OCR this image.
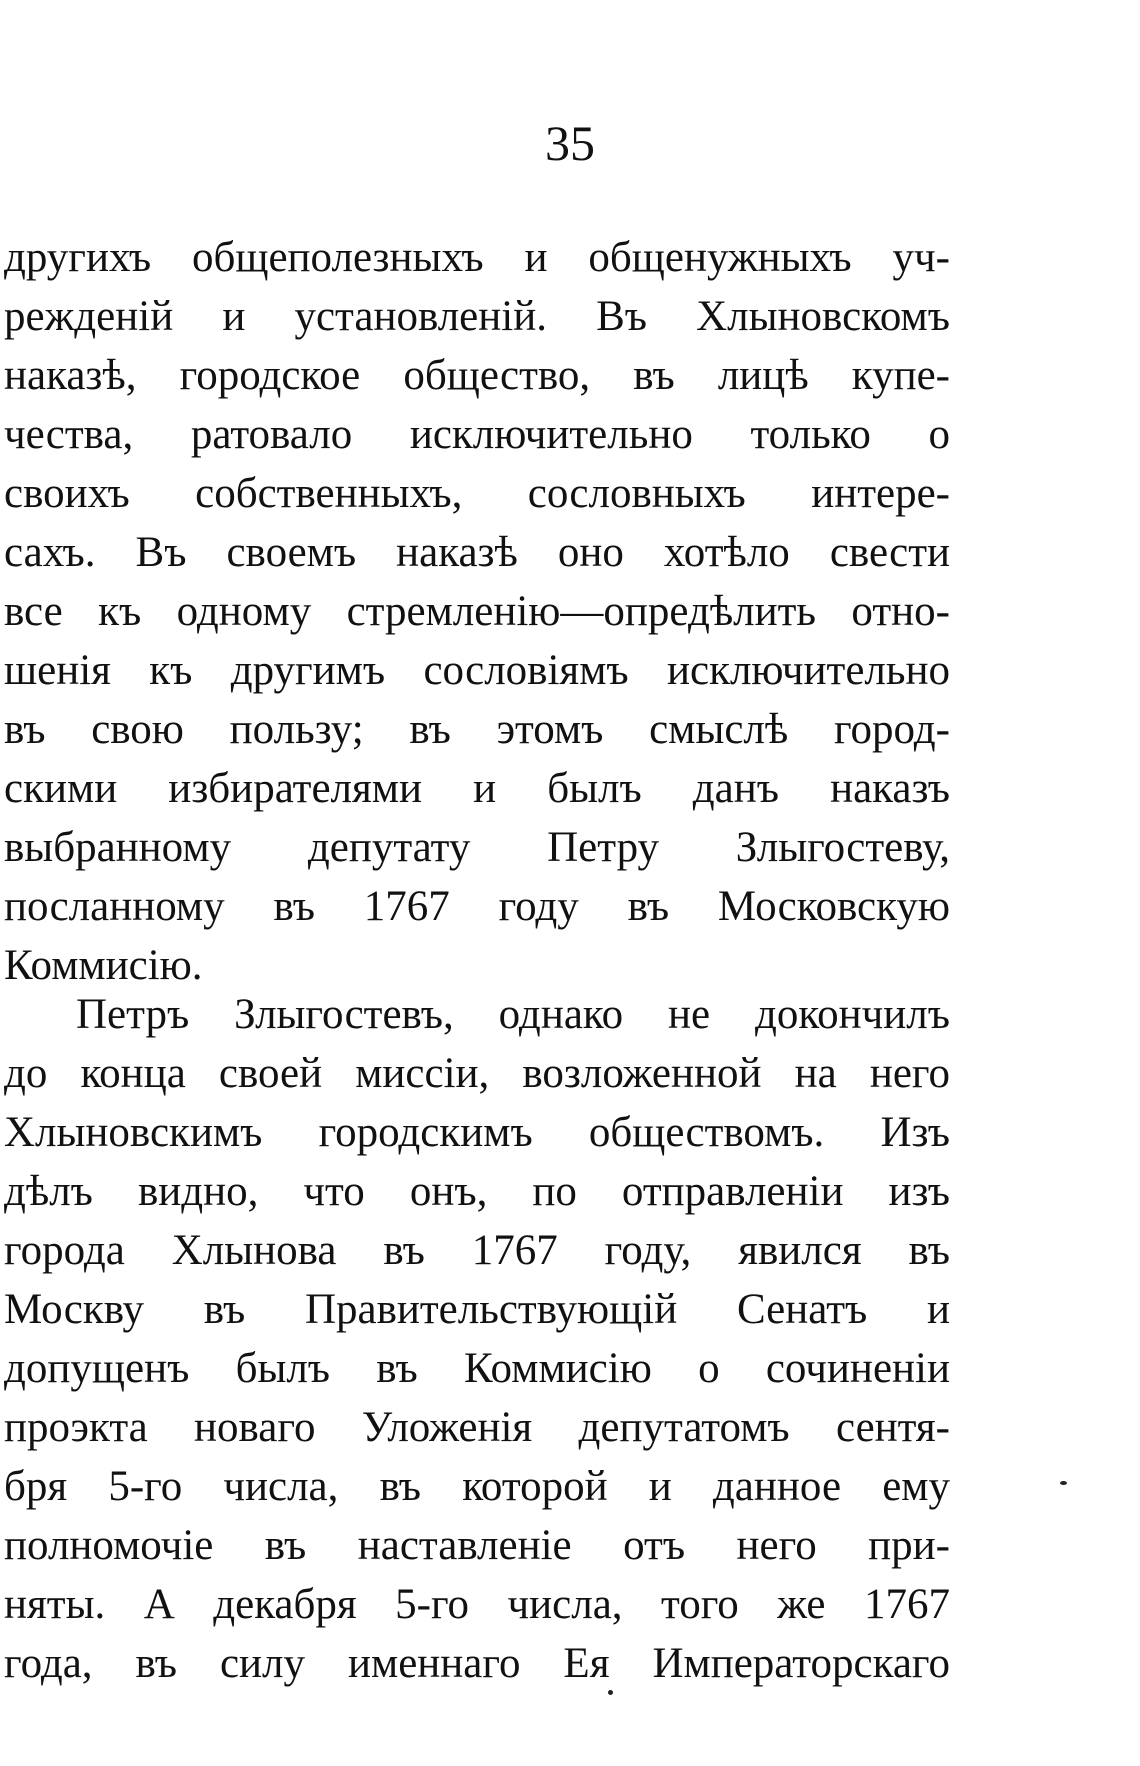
35
другихъ общеполезныхъ и общенужныхъ уч-
режденій и установленій. Въ Хлыновскомъ
наказѣ, городское общество, въ лицѣ купе-
чества, ратовало исключительно только о
своихъ собственныхъ, сословныхъ интере-
сахъ. Въ своемъ наказѣ оно хотѣло свести
все къ одному стремленію—опредѣлить отно-
шенія къ другимъ сословіямъ исключительно
въ свою пользу; въ этомъ смыслѣ город-
скими избирателями и былъ данъ наказъ
выбранному депутату Петру Злыгостеву,
посланному въ 1767 году въ Московскую
Коммисію.
Петръ Злыгостевъ, однако не докончилъ
до конца своей миссіи, возложенной на него
Хлыновскимъ городскимъ обществомъ. Изъ
дѣлъ видно, что онъ, по отправленіи изъ
города Хлынова въ 1767 году, явился въ
Москву въ Правительствующій Сенатъ и
допущенъ былъ въ Коммисію о сочиненіи
проэкта новаго Уложенія депутатомъ сентя-
бря 5-го числа, въ которой и данное ему
полномочіе въ наставленіе отъ него при-
няты. А декабря 5-го числа, того же 1767
года, въ силу именнаго Ея Императорскаго
